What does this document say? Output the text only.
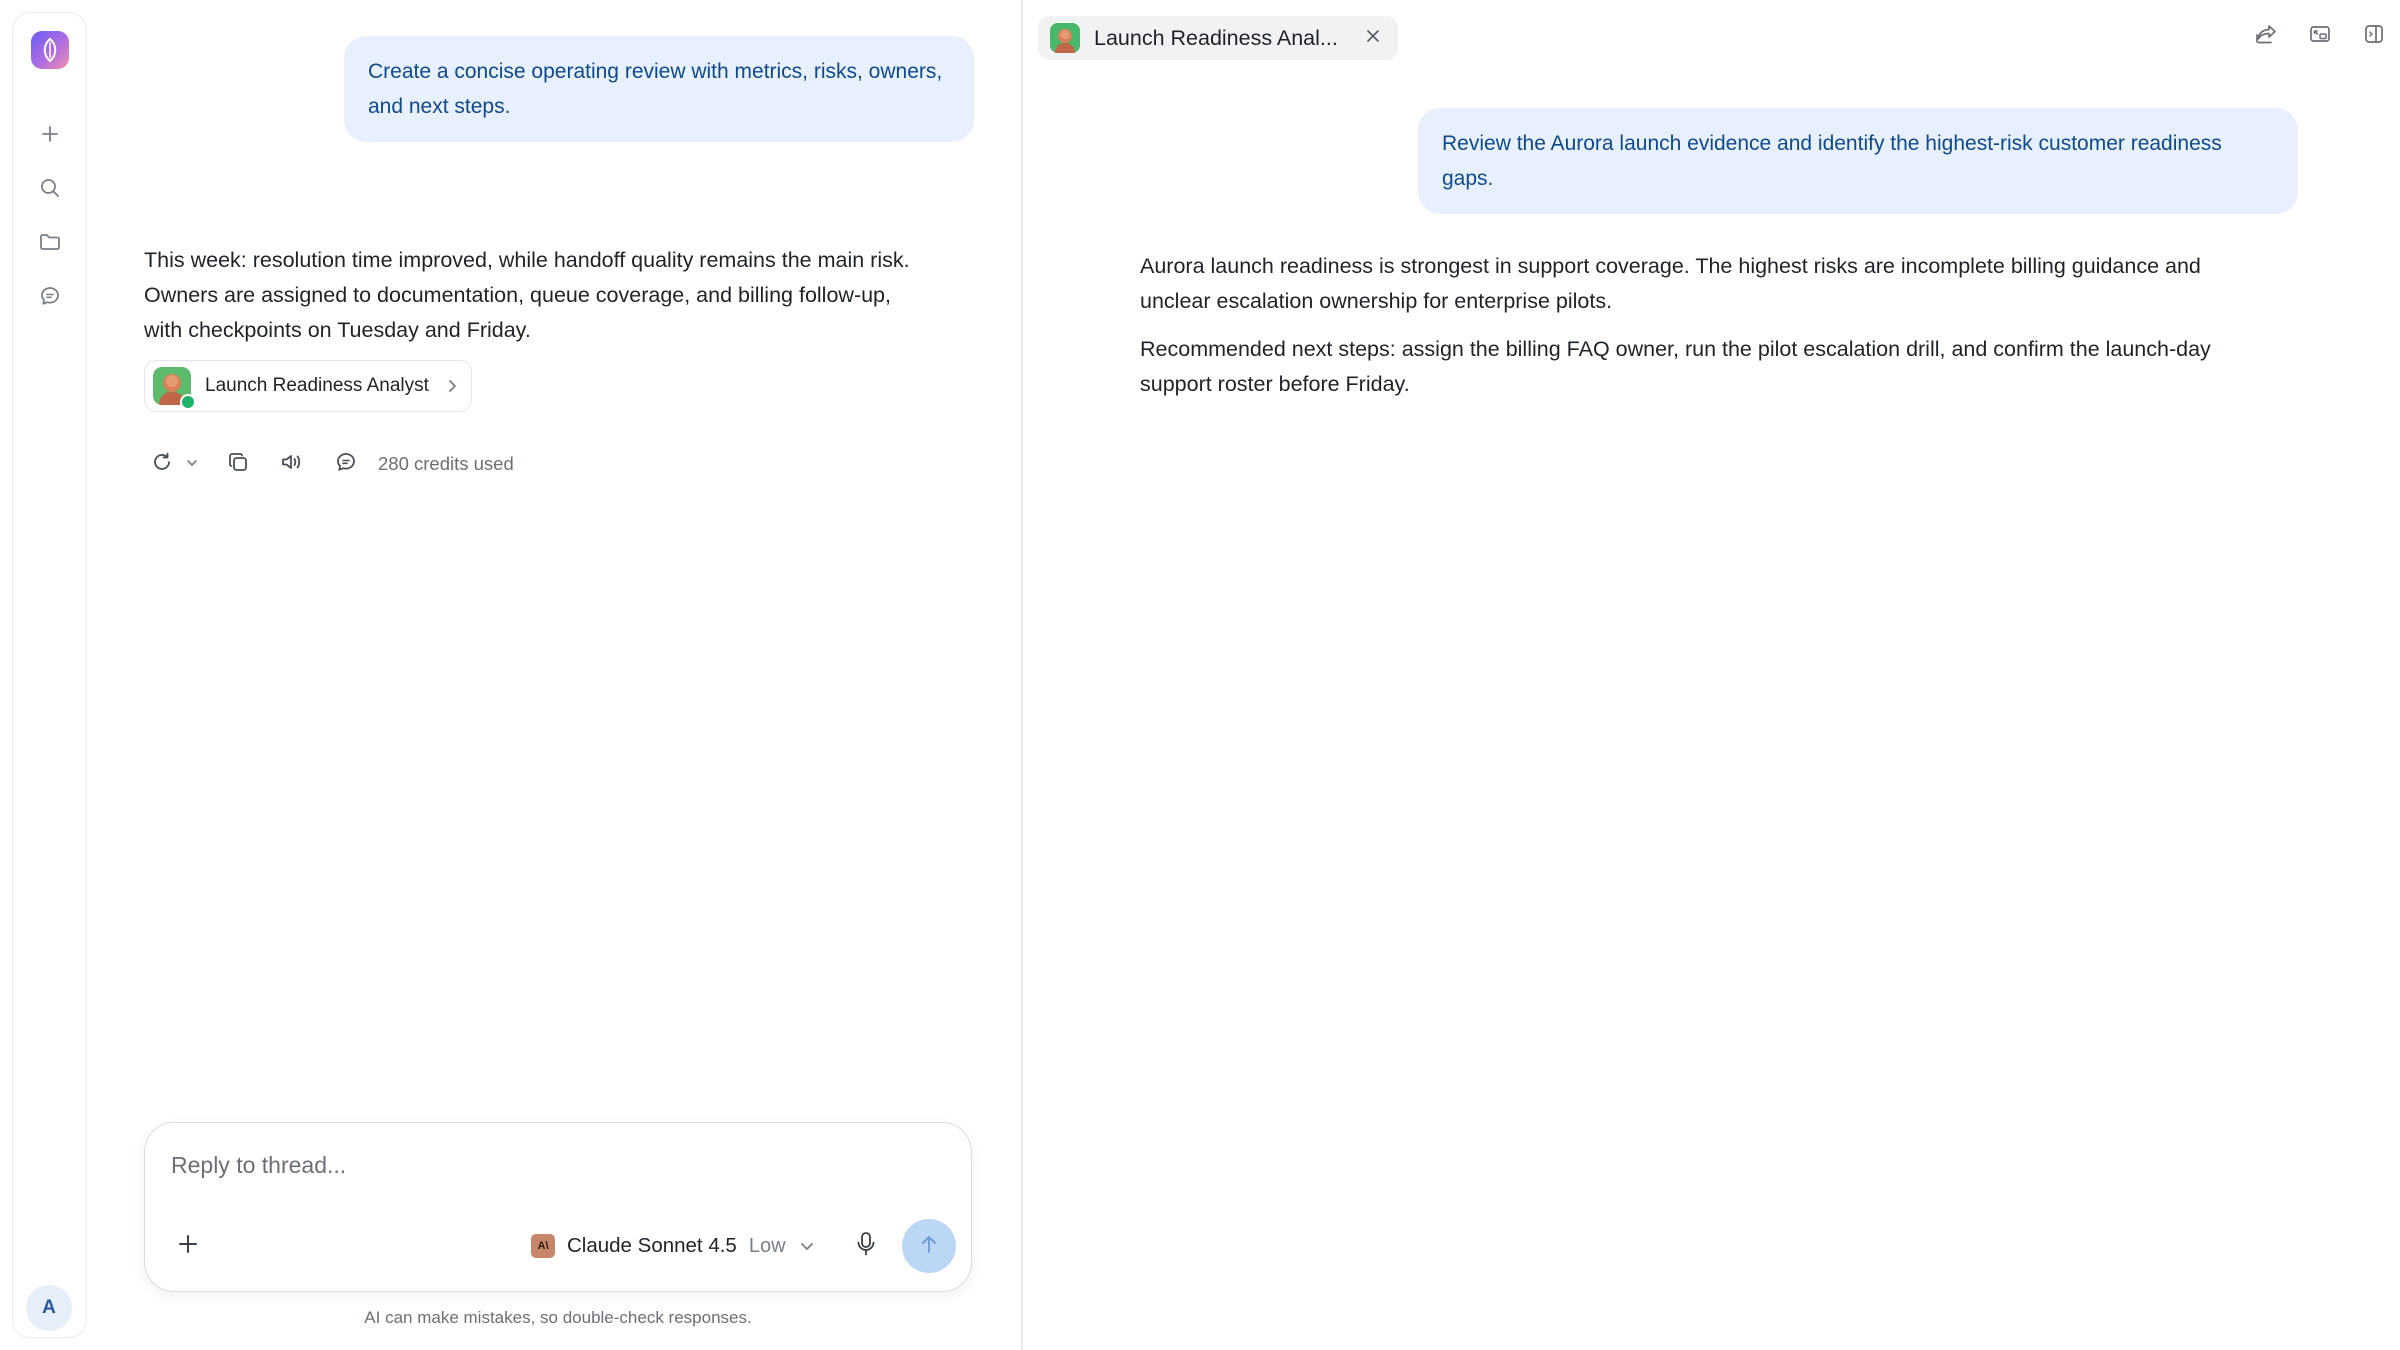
A
Create a concise operating review with metrics, risks, owners, and next steps.
This week: resolution time improved, while handoff quality remains the main risk. Owners are assigned to documentation, queue coverage, and billing follow-up, with checkpoints on Tuesday and Friday.
Launch Readiness Analyst
280 credits used
Reply to thread...
A\ Claude Sonnet 4.5 Low
AI can make mistakes, so double-check responses.
Launch Readiness Anal...
Review the Aurora launch evidence and identify the highest-risk customer readiness gaps.

Aurora launch readiness is strongest in support coverage. The highest risks are incomplete billing guidance and unclear escalation ownership for enterprise pilots.

Recommended next steps: assign the billing FAQ owner, run the pilot escalation drill, and confirm the launch-day support roster before Friday.
